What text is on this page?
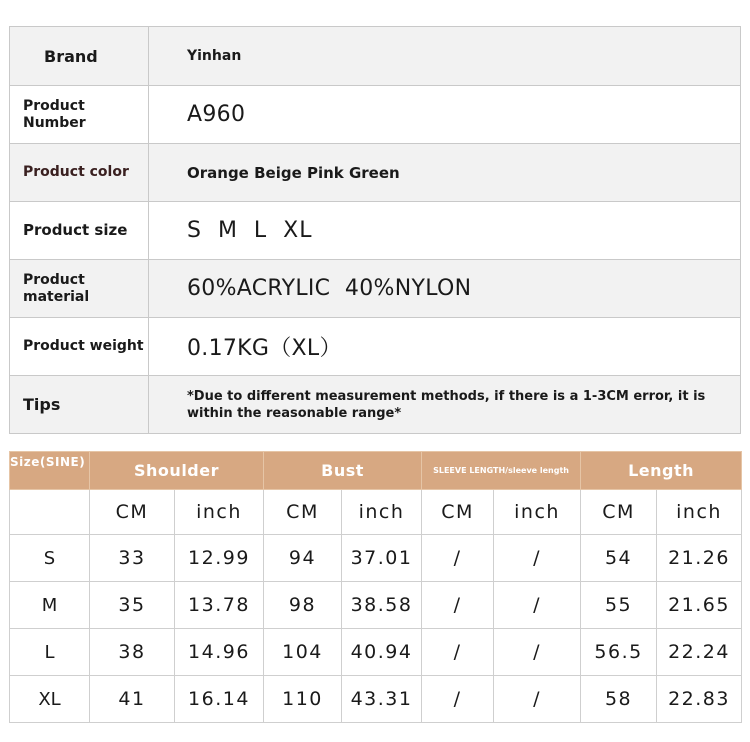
Brand	Yinhan
Product Number	A960
Product color	Orange Beige Pink Green
Product size	S  M  L  XL
Product material	60%ACRYLIC  40%NYLON
Product weight	0.17KG（XL）
Tips	*Due to different measurement methods, if there is a 1-3CM error, it is within the reasonable range*
Size(SINE)	Shoulder		Bust		SLEEVE LENGTH/sleeve length		Length	
	CM	inch	CM	inch	CM	inch	CM	inch
S	33	12.99	94	37.01	/	/	54	21.26
M	35	13.78	98	38.58	/	/	55	21.65
L	38	14.96	104	40.94	/	/	56.5	22.24
XL	41	16.14	110	43.31	/	/	58	22.83
